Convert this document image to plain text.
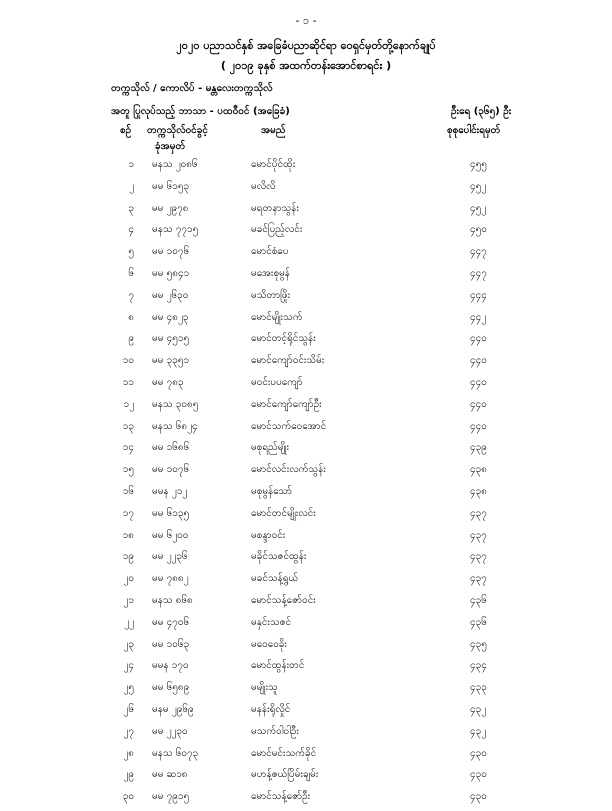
- ၁ -
၂၀၂၀ ပညာသင်နှစ် အခြေခံပညာဆိုင်ရာ ဝေရှင်မှတ်တို့နောက်ချုပ်
( ၂၀၁၉ ခုနှစ် အထက်တန်းအောင်စာရင်း )
တက္ကသိုလ် / ကောလိပ် - မန္တလေးတက္ကသိုလ်
အတူ ပြုလုပ်သည့် ဘာသာ - ပထဝီဝင် (အခြေခံ)	ဦးရေ (၃၆၅) ဦး
စဉ် တက္ကသိုလ်ဝင်ခွင့်
ခုံအမှတ်
အမည်	စုစုပေါင်းရမှတ်
၁ မနသ ၂၀၈၆	မောင်ပိုင်ထိုး	၄၅၅
၂ မမ ၆၁၅၃	မလိလိ	၄၅၂
၃ မမ ၂၉၇၈	မရတနာသွန်း	၄၅၂
၄ မနသ ၇၇၁၅	မခင်ပြည့်လင်း	၄၅၀
၅ မမ ၁၀၇၆	မောင်စံပေ	၄၄၇
၆ မမ ၅၈၄၁	မအေးစုမွန်	၄၄၇
၇ မမ ၂၆၃၀	မသိတာဖြိုး	၄၄၄
၈ မမ ၄၈၂၃	မောင်မျိုးသက်	၄၄၂
၉ မမ ၄၅၁၅	မောင်တင့်ရိုင်သွန်း	၄၄၀
၁၀ မမ ၃၃၅၁	မောင်ကျော်ဝင်းသိမ်း	၄၄၀
၁၁ မမ ၇၈၃	မဝင်းပပကျော်	၄၄၀
၁၂ မနသ ၃၀၈၅	မောင်ကျော်ကျော်ဦး	၄၄၀
၁၃ မနသ ၆၈၂၄	မောင်သက်ဝေအောင်	၄၄၀
၁၄ မမ ၁၆၈၆	မစုရည်မျိုး	၄၃၉
၁၅ မမ ၁၀၇၆	မောင်လင်းလက်သွန်း	၄၃၈
၁၆ မမန ၂၁၂	မစုမွန်သော်	၄၃၈
၁၇ မမ ၆၁၃၅	မောင်တင်မျိုးလင်း	၄၃၇
၁၈ မမ ၆၂၀၀	မစန္ဒာဝင်း	၄၃၇
၁၉ မမ ၂၂၃၆	မခိုင်သဇင်ထွန်း	၄၃၇
၂၀ မမ ၇၈၈၂	မခင်သန့်ရွယ်	၄၃၇
၂၁ မနသ ၈၆၈	မောင်သန့်ဇော်ဝင်း	၄၃၆
၂၂ မမ ၄၇၀၆	မနှင်းသဇင်	၄၃၆
၂၃ မမ ၁၀၆၃	မဝေဝေခိုး	၄၃၅
၂၄ မမန ၁၇၀	မောင်ထွန်းတင်	၄၃၄
၂၅ မမ ၆၅၈၉	မမျိုးသူ	၄၃၃
၂၆ မနမ ၂၉၆၉	မနန်းရိုလှိုင်	၄၃၂
၂၇ မမ ၂၂၃၀	မသက်ဝါဝါဦး	၄၃၂
၂၈ မနသ ၆၀၇၃	မောင်မင်းသက်ခိုင်	၄၃၀
၂၉ မမ ဆ၁၈	မဟန့်ဇယ်ပြိမ်းချမ်း	၄၃၀
၃၀ မမ ၇၉၁၅	မောင်သန့်ဇော်ဦး	၄၃၀
